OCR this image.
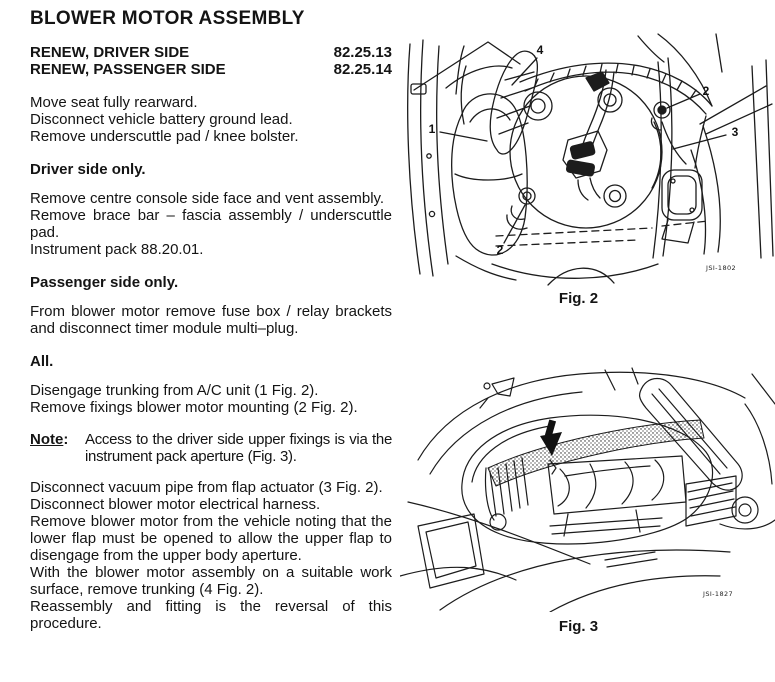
BLOWER MOTOR ASSEMBLY
RENEW, DRIVER SIDE	82.25.13
RENEW, PASSENGER SIDE	82.25.14
Move seat fully rearward.
Disconnect vehicle battery ground lead.
Remove underscuttle pad / knee bolster.
Driver side only.
Remove centre console side face and vent assembly.
Remove brace bar – fascia assembly / underscuttle pad.
Instrument pack 88.20.01.
Passenger side only.
From blower motor remove fuse box / relay brackets and disconnect timer module multi–plug.
All.
Disengage trunking from A/C unit (1 Fig. 2).
Remove fixings blower motor mounting (2 Fig. 2).
Note:	Access to the driver side upper fixings is via the instrument pack aperture (Fig. 3).
Disconnect vacuum pipe from flap actuator (3 Fig. 2).
Disconnect blower motor electrical harness.
Remove blower motor from the vehicle noting that the lower flap must be opened to allow the upper flap to disengage from the upper body aperture.
With the blower motor assembly on a suitable work surface, remove trunking (4 Fig. 2).
Reassembly and fitting is the reversal of this procedure.
4
2
3
1
2
JSI-1802
Fig. 2
JSI-1827
Fig. 3
